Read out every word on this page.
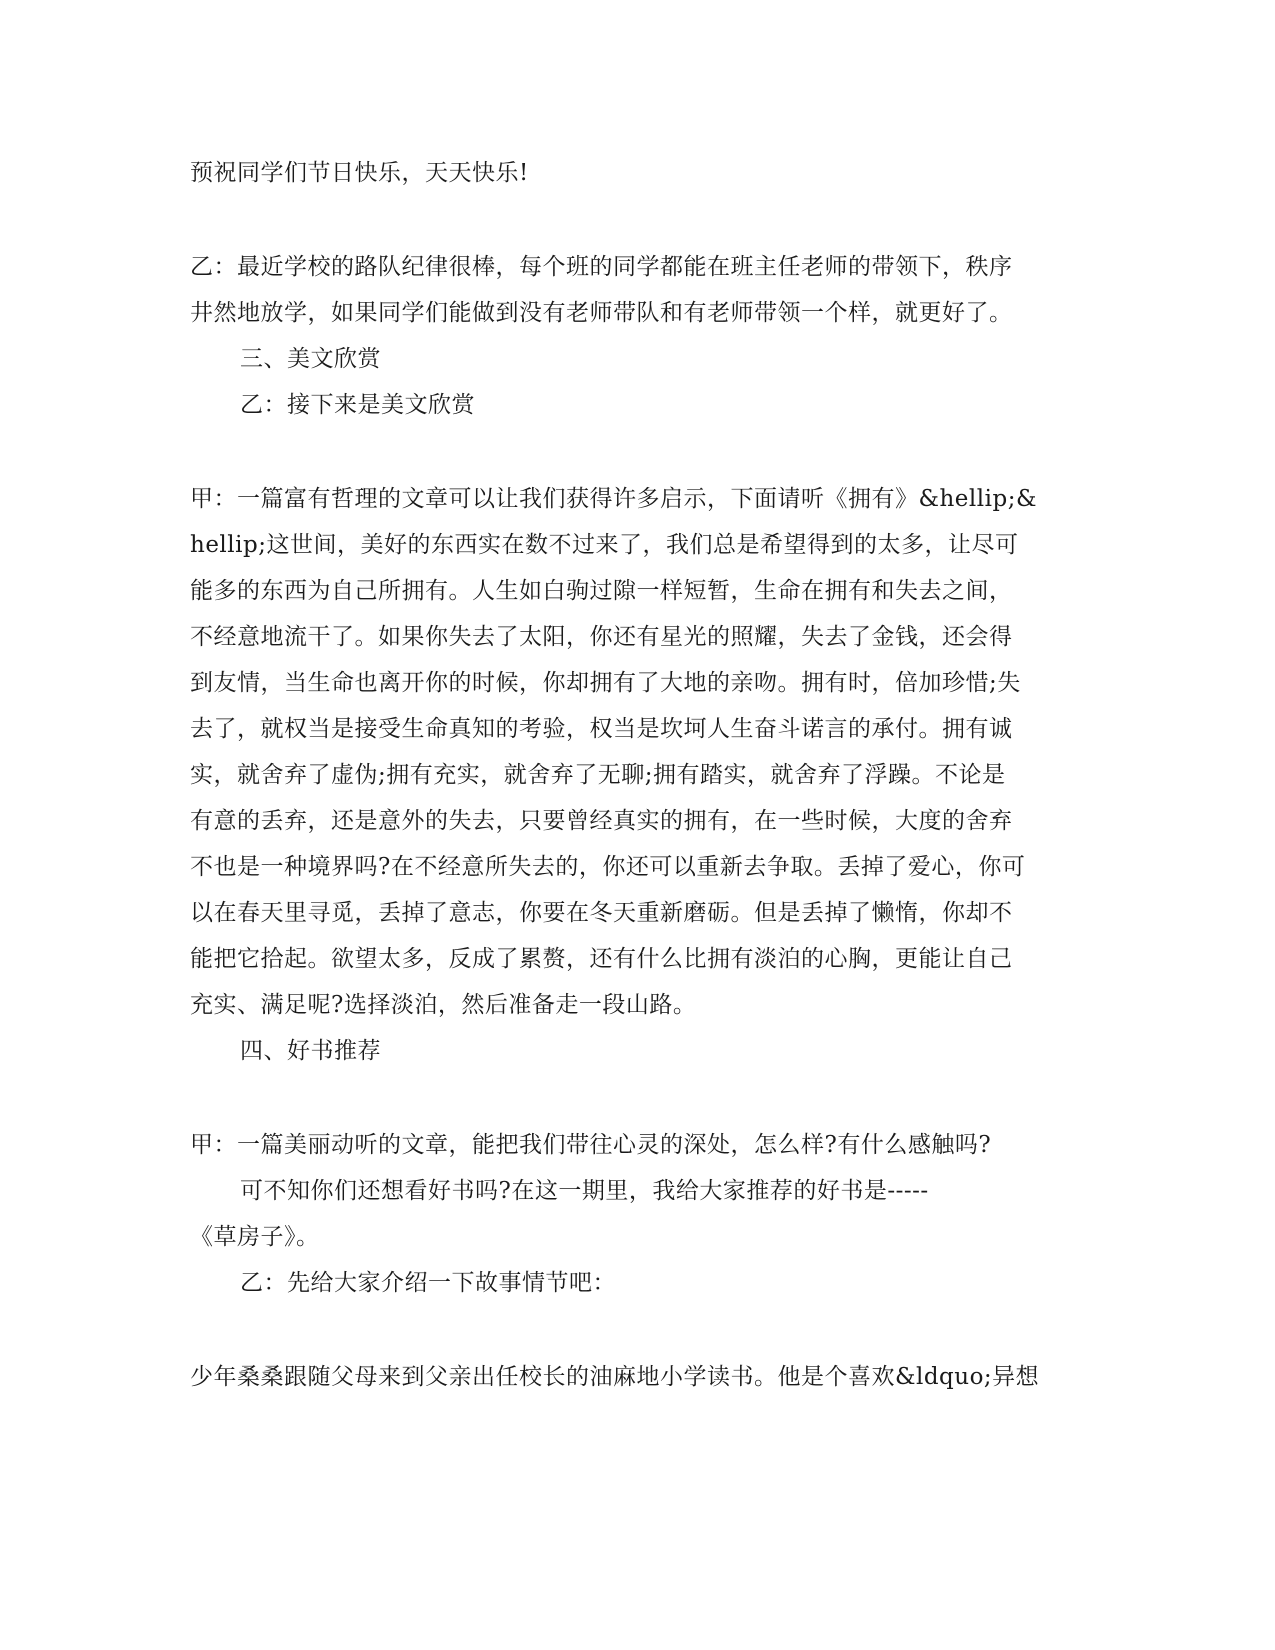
预祝同学们节日快乐，天天快乐!

乙：最近学校的路队纪律很棒，每个班的同学都能在班主任老师的带领下，秩序

井然地放学，如果同学们能做到没有老师带队和有老师带领一个样，就更好了。

三、美文欣赏

乙：接下来是美文欣赏

甲：一篇富有哲理的文章可以让我们获得许多启示，下面请听《拥有》&hellip;&

hellip;这世间，美好的东西实在数不过来了，我们总是希望得到的太多，让尽可

能多的东西为自己所拥有。人生如白驹过隙一样短暂，生命在拥有和失去之间，

不经意地流干了。如果你失去了太阳，你还有星光的照耀，失去了金钱，还会得

到友情，当生命也离开你的时候，你却拥有了大地的亲吻。拥有时，倍加珍惜;失

去了，就权当是接受生命真知的考验，权当是坎坷人生奋斗诺言的承付。拥有诚

实，就舍弃了虚伪;拥有充实，就舍弃了无聊;拥有踏实，就舍弃了浮躁。不论是

有意的丢弃，还是意外的失去，只要曾经真实的拥有，在一些时候，大度的舍弃

不也是一种境界吗?在不经意所失去的，你还可以重新去争取。丢掉了爱心，你可

以在春天里寻觅，丢掉了意志，你要在冬天重新磨砺。但是丢掉了懒惰，你却不

能把它拾起。欲望太多，反成了累赘，还有什么比拥有淡泊的心胸，更能让自己

充实、满足呢?选择淡泊，然后准备走一段山路。

四、好书推荐

甲：一篇美丽动听的文章，能把我们带往心灵的深处，怎么样?有什么感触吗?

可不知你们还想看好书吗?在这一期里，我给大家推荐的好书是-----

《草房子》。

乙：先给大家介绍一下故事情节吧：

少年桑桑跟随父母来到父亲出任校长的油麻地小学读书。他是个喜欢&ldquo;异想
